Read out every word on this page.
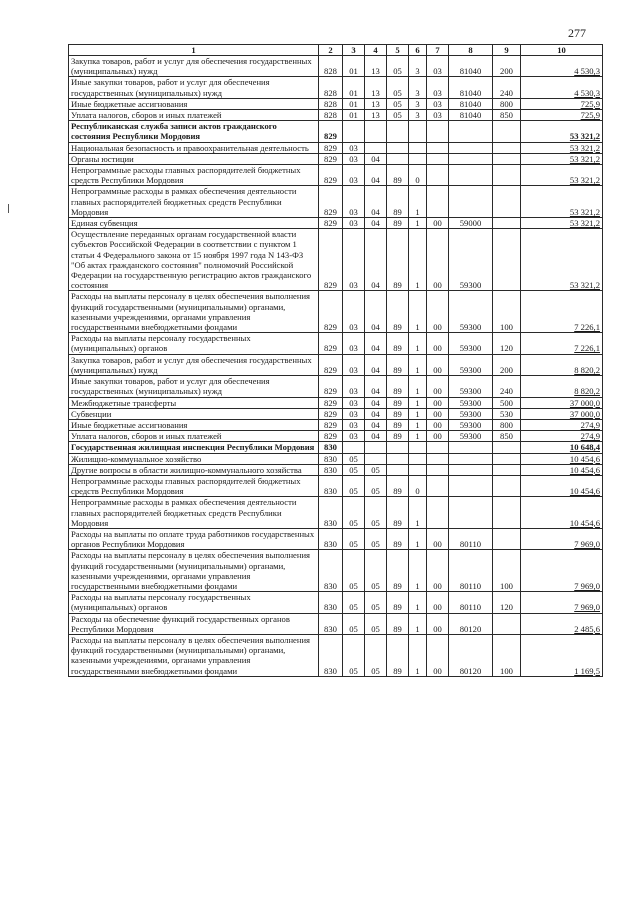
277
1	2	3	4	5	6	7	8	9	10
Закупка товаров, работ и услуг для обеспечения государственных (муниципальных) нужд	828	01	13	05	3	03	81040	200	4 530,3
Иные закупки товаров, работ и услуг для обеспечения государственных (муниципальных) нужд	828	01	13	05	3	03	81040	240	4 530,3
Иные бюджетные ассигнования	828	01	13	05	3	03	81040	800	725,9
Уплата налогов, сборов и иных платежей	828	01	13	05	3	03	81040	850	725,9
Республиканская служба записи актов гражданского состояния Республики Мордовия	829								53 321,2
Национальная безопасность и правоохранительная деятельность	829	03							53 321,2
Органы юстиции	829	03	04						53 321,2
Непрограммные расходы главных распорядителей бюджетных средств Республики Мордовия	829	03	04	89	0				53 321,2
Непрограммные расходы в рамках обеспечения деятельности главных распорядителей бюджетных средств Республики Мордовия	829	03	04	89	1				53 321,2
Единая субвенция	829	03	04	89	1	00	59000		53 321,2
Осуществление переданных органам государственной власти субъектов Российской Федерации в соответствии с пунктом 1 статьи 4 Федерального закона от 15 ноября 1997 года N 143-ФЗ "Об актах гражданского состояния" полномочий Российской Федерации на государственную регистрацию актов гражданского состояния	829	03	04	89	1	00	59300		53 321,2
Расходы на выплаты персоналу в целях обеспечения выполнения функций государственными (муниципальными) органами, казенными учреждениями, органами управления государственными внебюджетными фондами	829	03	04	89	1	00	59300	100	7 226,1
Расходы на выплаты персоналу государственных (муниципальных) органов	829	03	04	89	1	00	59300	120	7 226,1
Закупка товаров, работ и услуг для обеспечения государственных (муниципальных) нужд	829	03	04	89	1	00	59300	200	8 820,2
Иные закупки товаров, работ и услуг для обеспечения государственных (муниципальных) нужд	829	03	04	89	1	00	59300	240	8 820,2
Межбюджетные трансферты	829	03	04	89	1	00	59300	500	37 000,0
Субвенции	829	03	04	89	1	00	59300	530	37 000,0
Иные бюджетные ассигнования	829	03	04	89	1	00	59300	800	274,9
Уплата налогов, сборов и иных платежей	829	03	04	89	1	00	59300	850	274,9
Государственная жилищная инспекция Республики Мордовия	830								10 648,4
Жилищно-коммунальное хозяйство	830	05							10 454,6
Другие вопросы в области жилищно-коммунального хозяйства	830	05	05						10 454,6
Непрограммные расходы главных распорядителей бюджетных средств Республики Мордовия	830	05	05	89	0				10 454,6
Непрограммные расходы в рамках обеспечения деятельности главных распорядителей бюджетных средств Республики Мордовия	830	05	05	89	1				10 454,6
Расходы на выплаты по оплате труда работников государственных органов Республики Мордовия	830	05	05	89	1	00	80110		7 969,0
Расходы на выплаты персоналу в целях обеспечения выполнения функций государственными (муниципальными) органами, казенными учреждениями, органами управления государственными внебюджетными фондами	830	05	05	89	1	00	80110	100	7 969,0
Расходы на выплаты персоналу государственных (муниципальных) органов	830	05	05	89	1	00	80110	120	7 969,0
Расходы на обеспечение функций государственных органов Республики Мордовия	830	05	05	89	1	00	80120		2 485,6
Расходы на выплаты персоналу в целях обеспечения выполнения функций государственными (муниципальными) органами, казенными учреждениями, органами управления государственными внебюджетными фондами	830	05	05	89	1	00	80120	100	1 169,5
